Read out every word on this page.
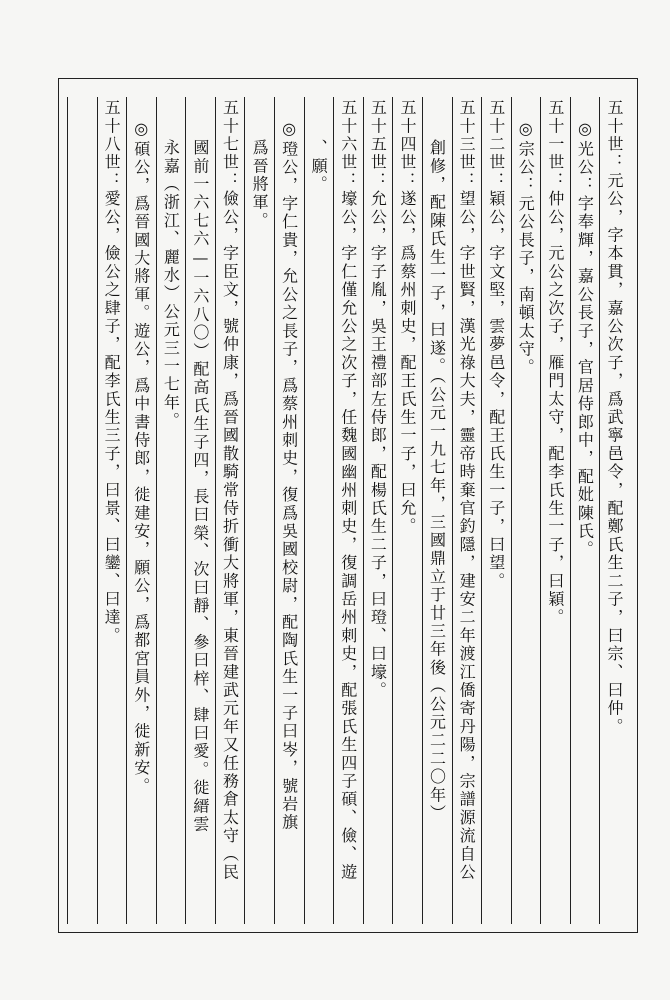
五十世：元公，字本貫，嘉公次子，爲武寧邑令，配鄭氏生二子，曰宗、曰仲。
◎光公：字奉輝，嘉公長子，官居侍郎中，配妣陳氏。
五十一世：仲公，元公之次子，雁門太守，配李氏生一子，曰穎。
◎宗公：元公長子，南頓太守。
五十二世：穎公，字文堅，雲夢邑令，配王氏生一子，曰望。
五十三世：望公，字世賢，漢光祿大夫，靈帝時棄官釣隱，建安二年渡江僑寄丹陽，宗譜源流自公
創修，配陳氏生一子，曰遂。（公元一九七年，三國鼎立于廿三年後（公元二二〇年）
五十四世：遂公，爲蔡州刺史，配王氏生一子，曰允。
五十五世：允公，字子胤，吳王禮部左侍郎，配楊氏生二子，曰璒、曰壕。
五十六世：壕公，字仁僅允公之次子，任魏國幽州刺史，復調岳州刺史，配張氏生四子碩、儉、遊
、願。
◎璒公，字仁貴，允公之長子，爲蔡州刺史，復爲吳國校尉，配陶氏生一子曰岑，號岩旗
爲晉將軍。
五十七世：儉公，字臣文，號仲康，爲晉國散騎常侍折衝大將軍，東晉建武元年又任務倉太守（民
國前一六七六—一六八〇）配高氏生子四，長曰榮、次曰靜、參曰梓、肆曰愛。徙縉雲
永嘉（浙江、麗水）公元三一七年。
◎碩公，爲晉國大將軍。遊公，爲中書侍郎，徙建安，願公，爲都宮員外，徙新安。
五十八世：愛公，儉公之肆子，配李氏生三子，曰景、曰鑾、曰達。
